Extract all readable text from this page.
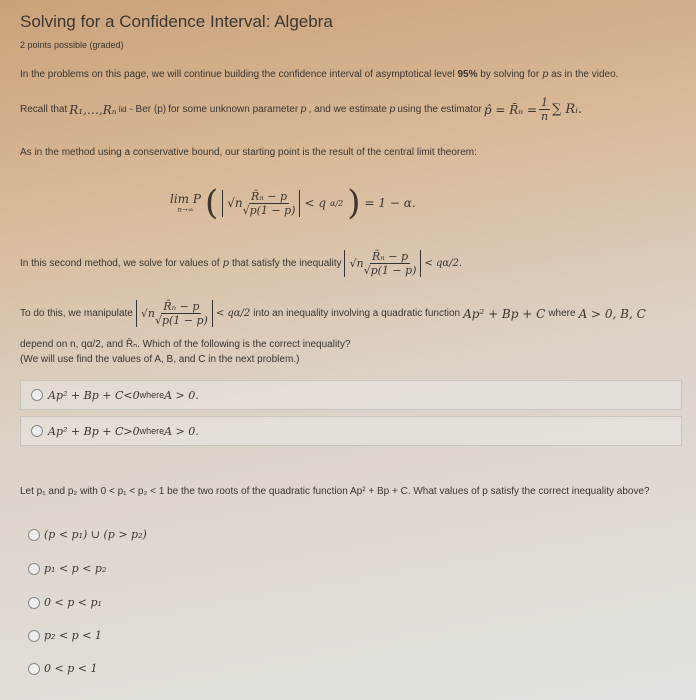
Solving for a Confidence Interval: Algebra
2 points possible (graded)
In the problems on this page, we will continue building the confidence interval of asymptotical level 95% by solving for p as in the video.
Recall that R₁,…,Rₙ iid ~ Ber (p) for some unknown parameter p , and we estimate p using the estimator p̂ = R̄ₙ = $\frac{1}{n}$ ∑ Rᵢ.
As in the method using a conservative bound, our starting point is the result of the central limit theorem:
lim P
n→∞ ( $√n \frac{\text{R̄ₙ − p}}{√p(1 - p)} < q$ α/2 ) = 1 − α.
In this second method, we solve for values of p that satisfy the inequality $√n \frac{\text{R̄ₙ − p}}{√p(1 - p)} < q\alpha/2$.
To do this, we manipulate $√n \frac{\text{R̄ₙ − p}}{√p(1 - p)} < q\alpha/2$ into an inequality involving a quadratic function Ap² + Bp + C where A > 0, B, C
depend on n, qα/2, and R̄ₙ. Which of the following is the correct inequality?
(We will use find the values of A, B, and C in the next problem.)
Ap² + Bp + C<0 where A > 0.
Ap² + Bp + C>0 where A > 0.
Let p₁ and p₂ with 0 < p₁ < p₂ < 1 be the two roots of the quadratic function Ap² + Bp + C. What values of p satisfy the correct inequality above?
(p < p₁) ∪ (p > p₂)
p₁ < p < p₂
0 < p < p₁
p₂ < p < 1
0 < p < 1
